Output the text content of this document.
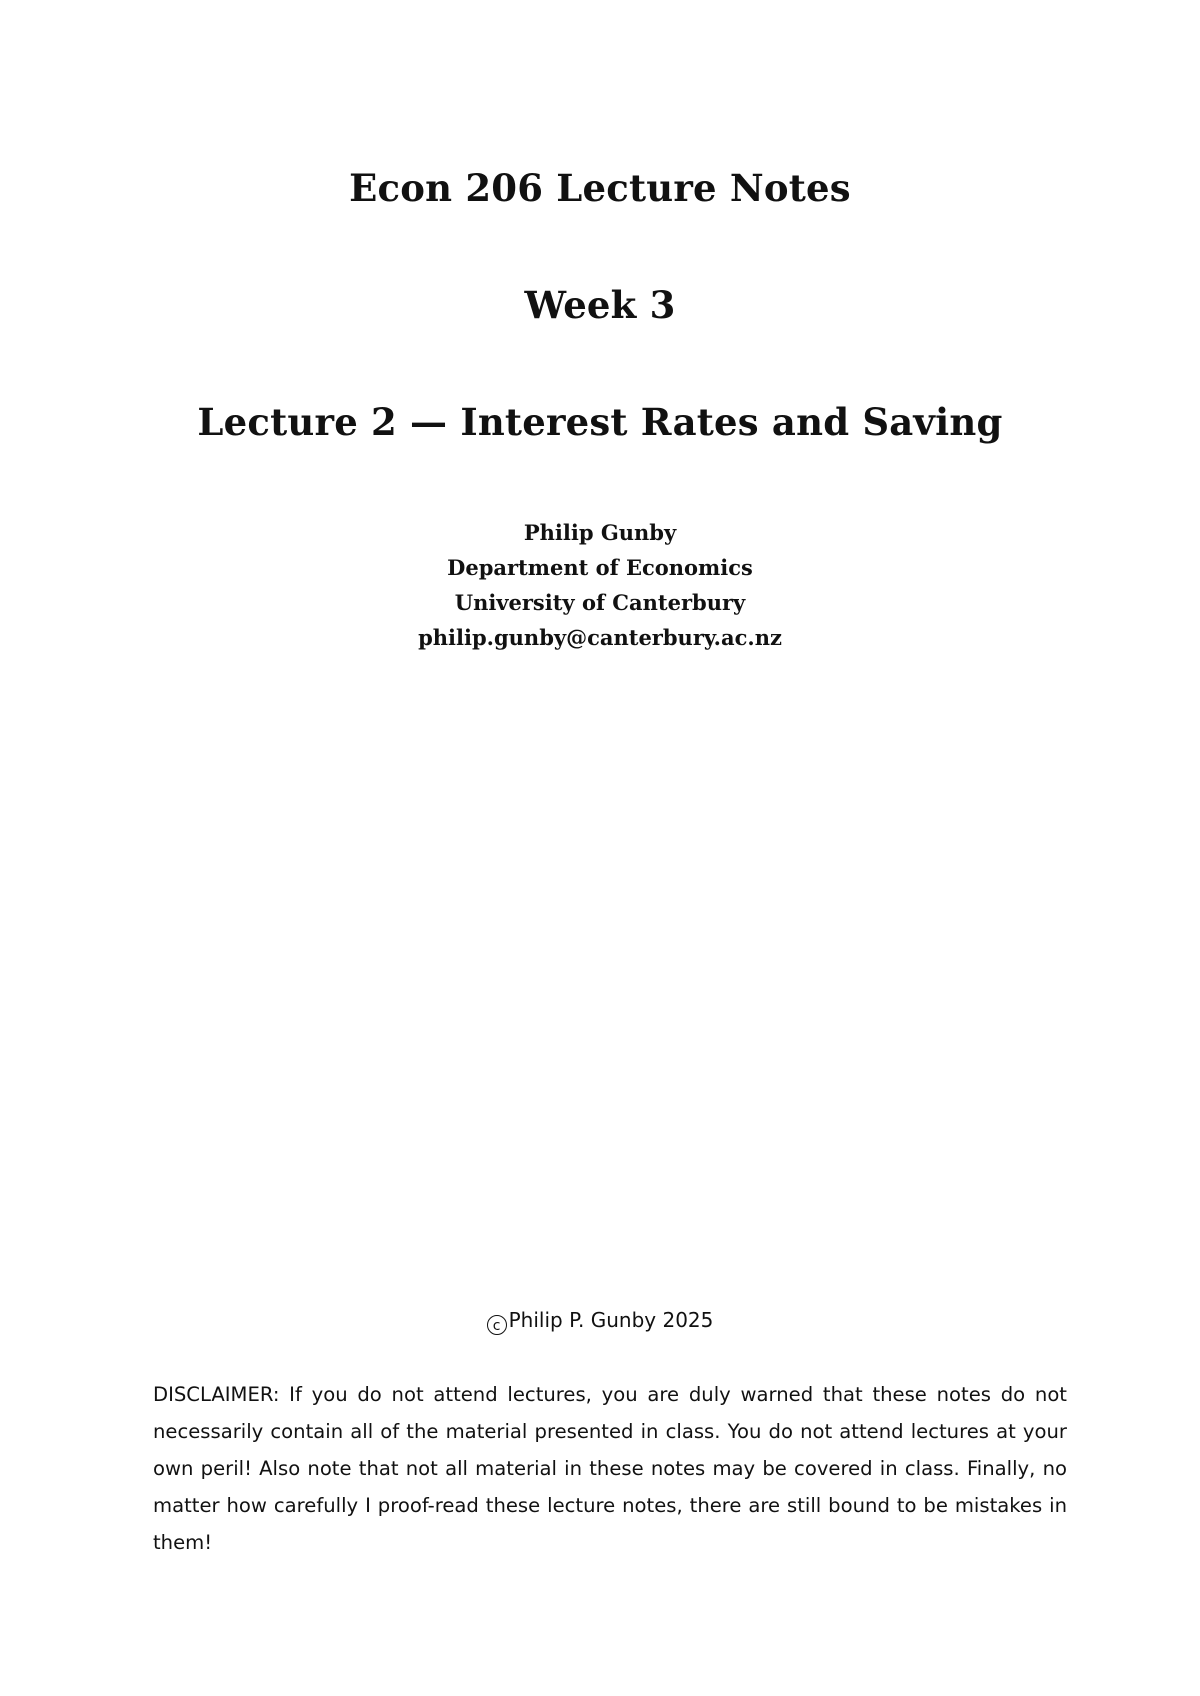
Econ 206 Lecture Notes
Week 3
Lecture 2 — Interest Rates and Saving
Philip Gunby
Department of Economics
University of Canterbury
philip.gunby@canterbury.ac.nz
c Philip P. Gunby 2025
DISCLAIMER: If you do not attend lectures, you are duly warned that these notes do not necessarily contain all of the material presented in class. You do not attend lectures at your own peril! Also note that not all material in these notes may be covered in class. Finally, no matter how carefully I proof-read these lecture notes, there are still bound to be mistakes in them!
